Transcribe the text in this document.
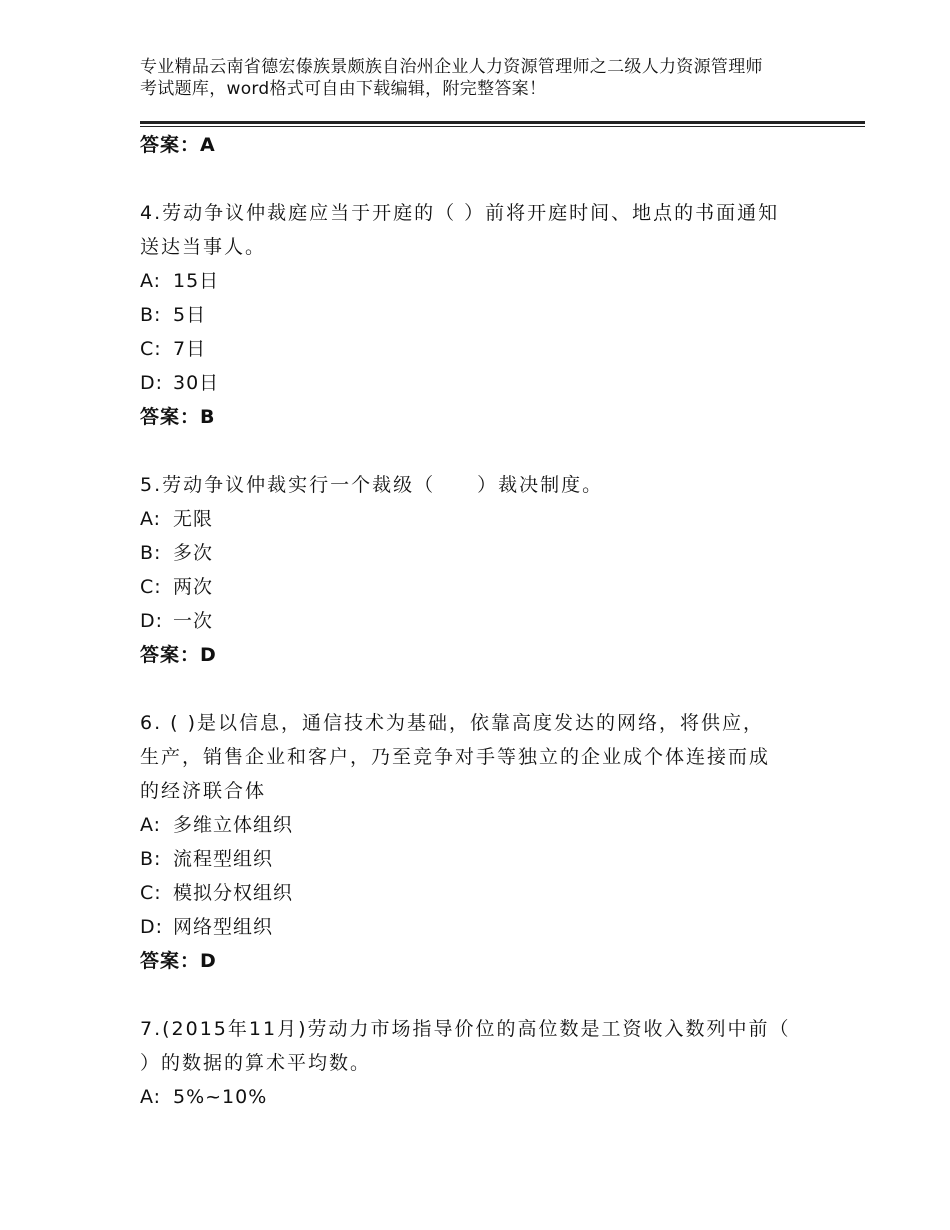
专业精品云南省德宏傣族景颇族自治州企业人力资源管理师之二级人力资源管理师
考试题库，word格式可自由下载编辑，附完整答案！
答案：A
4.劳动争议仲裁庭应当于开庭的（ ）前将开庭时间、地点的书面通知
送达当事人。
A: 15日
B: 5日
C: 7日
D: 30日
答案：B
5.劳动争议仲裁实行一个裁级（　　）裁决制度。
A: 无限
B: 多次
C: 两次
D: 一次
答案：D
6. ( )是以信息，通信技术为基础，依靠高度发达的网络，将供应，
生产，销售企业和客户，乃至竞争对手等独立的企业成个体连接而成
的经济联合体
A: 多维立体组织
B: 流程型组织
C: 模拟分权组织
D: 网络型组织
答案：D
7.(2015年11月)劳动力市场指导价位的高位数是工资收入数列中前（
）的数据的算术平均数。
A: 5%~10%
